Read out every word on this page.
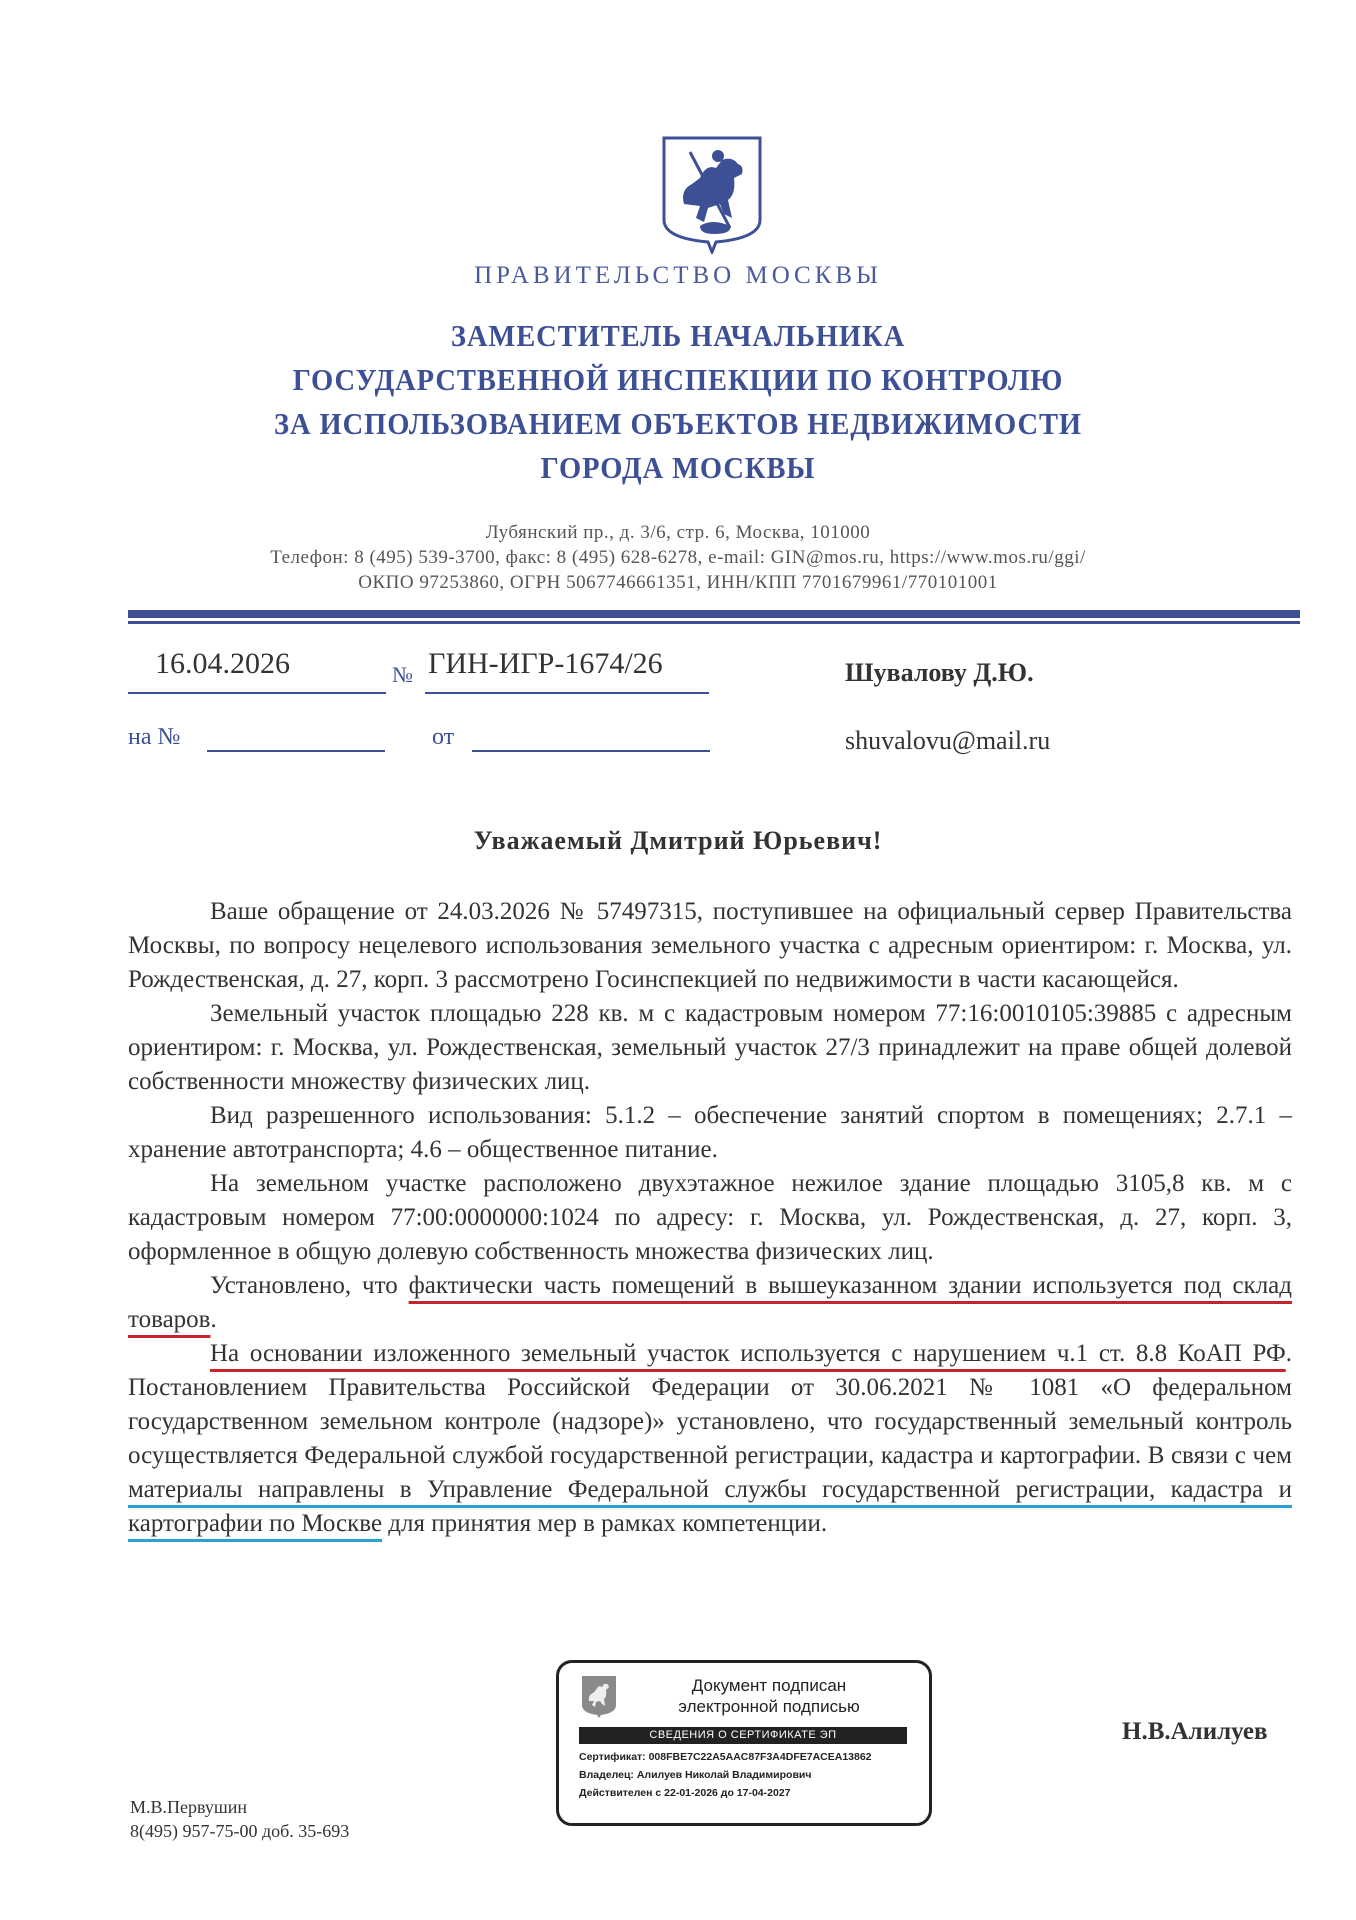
ПРАВИТЕЛЬСТВО МОСКВЫ
ЗАМЕСТИТЕЛЬ НАЧАЛЬНИКА
ГОСУДАРСТВЕННОЙ ИНСПЕКЦИИ ПО КОНТРОЛЮ
ЗА ИСПОЛЬЗОВАНИЕМ ОБЪЕКТОВ НЕДВИЖИМОСТИ
ГОРОДА МОСКВЫ
Лубянский пр., д. 3/6, стр. 6, Москва, 101000
Телефон: 8 (495) 539-3700, факс: 8 (495) 628-6278, e-mail: GIN@mos.ru, https://www.mos.ru/ggi/
ОКПО 97253860, ОГРН 5067746661351, ИНН/КПП 7701679961/770101001
16.04.2026	№ ГИН-ИГР-1674/26
на №	от
Шувалову Д.Ю.
shuvalovu@mail.ru
Уважаемый Дмитрий Юрьевич!

Ваше обращение от 24.03.2026 № 57497315, поступившее на официальный сервер Правительства Москвы, по вопросу нецелевого использования земельного участка с адресным ориентиром: г. Москва, ул. Рождественская, д. 27, корп. 3 рассмотрено Госинспекцией по недвижимости в части касающейся.

Земельный участок площадью 228 кв. м с кадастровым номером 77:16:0010105:39885 с адресным ориентиром: г. Москва, ул. Рождественская, земельный участок 27/3 принадлежит на праве общей долевой собственности множеству физических лиц.

Вид разрешенного использования: 5.1.2 – обеспечение занятий спортом в помещениях; 2.7.1 – хранение автотранспорта; 4.6 – общественное питание.

На земельном участке расположено двухэтажное нежилое здание площадью 3105,8 кв. м с кадастровым номером 77:00:0000000:1024 по адресу: г. Москва, ул. Рождественская, д. 27, корп. 3, оформленное в общую долевую собственность множества физических лиц.

Установлено, что фактически часть помещений в вышеуказанном здании используется под склад товаров.

На основании изложенного земельный участок используется с нарушением ч.1 ст. 8.8 КоАП РФ. Постановлением Правительства Российской Федерации от 30.06.2021 № 1081 «О федеральном государственном земельном контроле (надзоре)» установлено, что государственный земельный контроль осуществляется Федеральной службой государственной регистрации, кадастра и картографии. В связи с чем материалы направлены в Управление Федеральной службы государственной регистрации, кадастра и картографии по Москве для принятия мер в рамках компетенции.

Документ подписан
электронной подписью
СВЕДЕНИЯ О СЕРТИФИКАТЕ ЭП
Сертификат: 008FBE7C22A5AAC87F3A4DFE7ACEA13862
Владелец: Алилуев Николай Владимирович
Действителен с 22-01-2026 до 17-04-2027
Н.В.Алилуев
М.В.Первушин
8(495) 957-75-00 доб. 35-693
